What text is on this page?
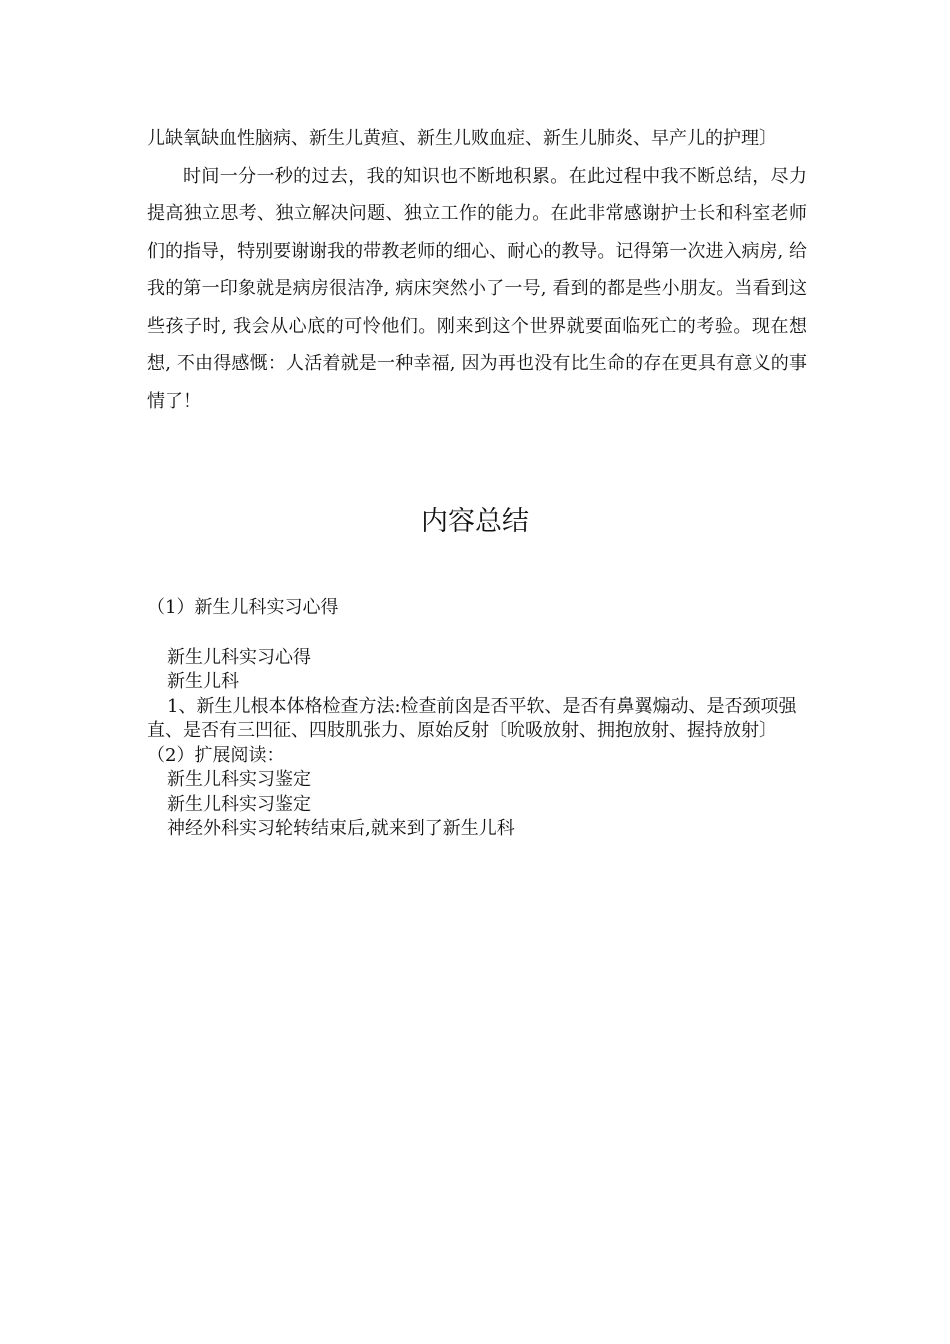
儿缺氧缺血性脑病、新生儿黄疸、新生儿败血症、新生儿肺炎、早产儿的护理〕

时间一分一秒的过去，我的知识也不断地积累。在此过程中我不断总结，尽力提高独立思考、独立解决问题、独立工作的能力。在此非常感谢护士长和科室老师们的指导，特别要谢谢我的带教老师的细心、耐心的教导。记得第一次进入病房, 给我的第一印象就是病房很洁净, 病床突然小了一号, 看到的都是些小朋友。当看到这些孩子时, 我会从心底的可怜他们。刚来到这个世界就要面临死亡的考验。现在想想, 不由得感慨：人活着就是一种幸福, 因为再也没有比生命的存在更具有意义的事情了！

内容总结

（1）新生儿科实习心得

新生儿科实习心得

新生儿科

1、新生儿根本体格检查方法:检查前囟是否平软、是否有鼻翼煽动、是否颈项强直、是否有三凹征、四肢肌张力、原始反射〔吮吸放射、拥抱放射、握持放射〕

（2）扩展阅读：

新生儿科实习鉴定

新生儿科实习鉴定

神经外科实习轮转结束后,就来到了新生儿科
